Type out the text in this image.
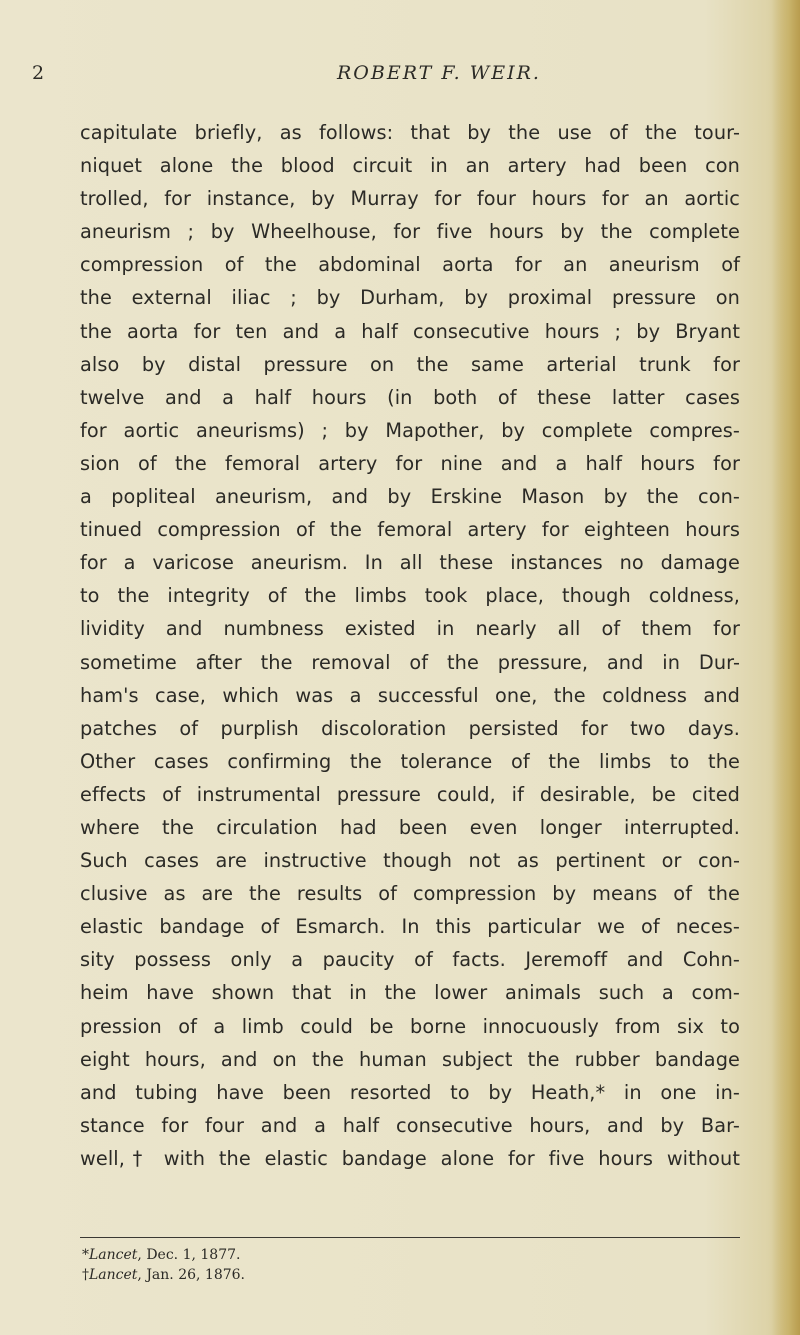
2	ROBERT F. WEIR.
capitulate briefly, as follows: that by the use of the tour-
niquet alone the blood circuit in an artery had been con
trolled, for instance, by Murray for four hours for an aortic
aneurism ; by Wheelhouse, for five hours by the complete
compression of the abdominal aorta for an aneurism of
the external iliac ; by Durham, by proximal pressure on
the aorta for ten and a half consecutive hours ; by Bryant
also by distal pressure on the same arterial trunk for
twelve and a half hours (in both of these latter cases
for aortic aneurisms) ; by Mapother, by complete compres-
sion of the femoral artery for nine and a half hours for
a popliteal aneurism, and by Erskine Mason by the con-
tinued compression of the femoral artery for eighteen hours
for a varicose aneurism. In all these instances no damage
to the integrity of the limbs took place, though coldness,
lividity and numbness existed in nearly all of them for
sometime after the removal of the pressure, and in Dur-
ham's case, which was a successful one, the coldness and
patches of purplish discoloration persisted for two days.
Other cases confirming the tolerance of the limbs to the
effects of instrumental pressure could, if desirable, be cited
where the circulation had been even longer interrupted.
Such cases are instructive though not as pertinent or con-
clusive as are the results of compression by means of the
elastic bandage of Esmarch. In this particular we of neces-
sity possess only a paucity of facts. Jeremoff and Cohn-
heim have shown that in the lower animals such a com-
pression of a limb could be borne innocuously from six to
eight hours, and on the human subject the rubber bandage
and tubing have been resorted to by Heath,* in one in-
stance for four and a half consecutive hours, and by Bar-
well,† with the elastic bandage alone for five hours without
*Lancet, Dec. 1, 1877.
†Lancet, Jan. 26, 1876.
